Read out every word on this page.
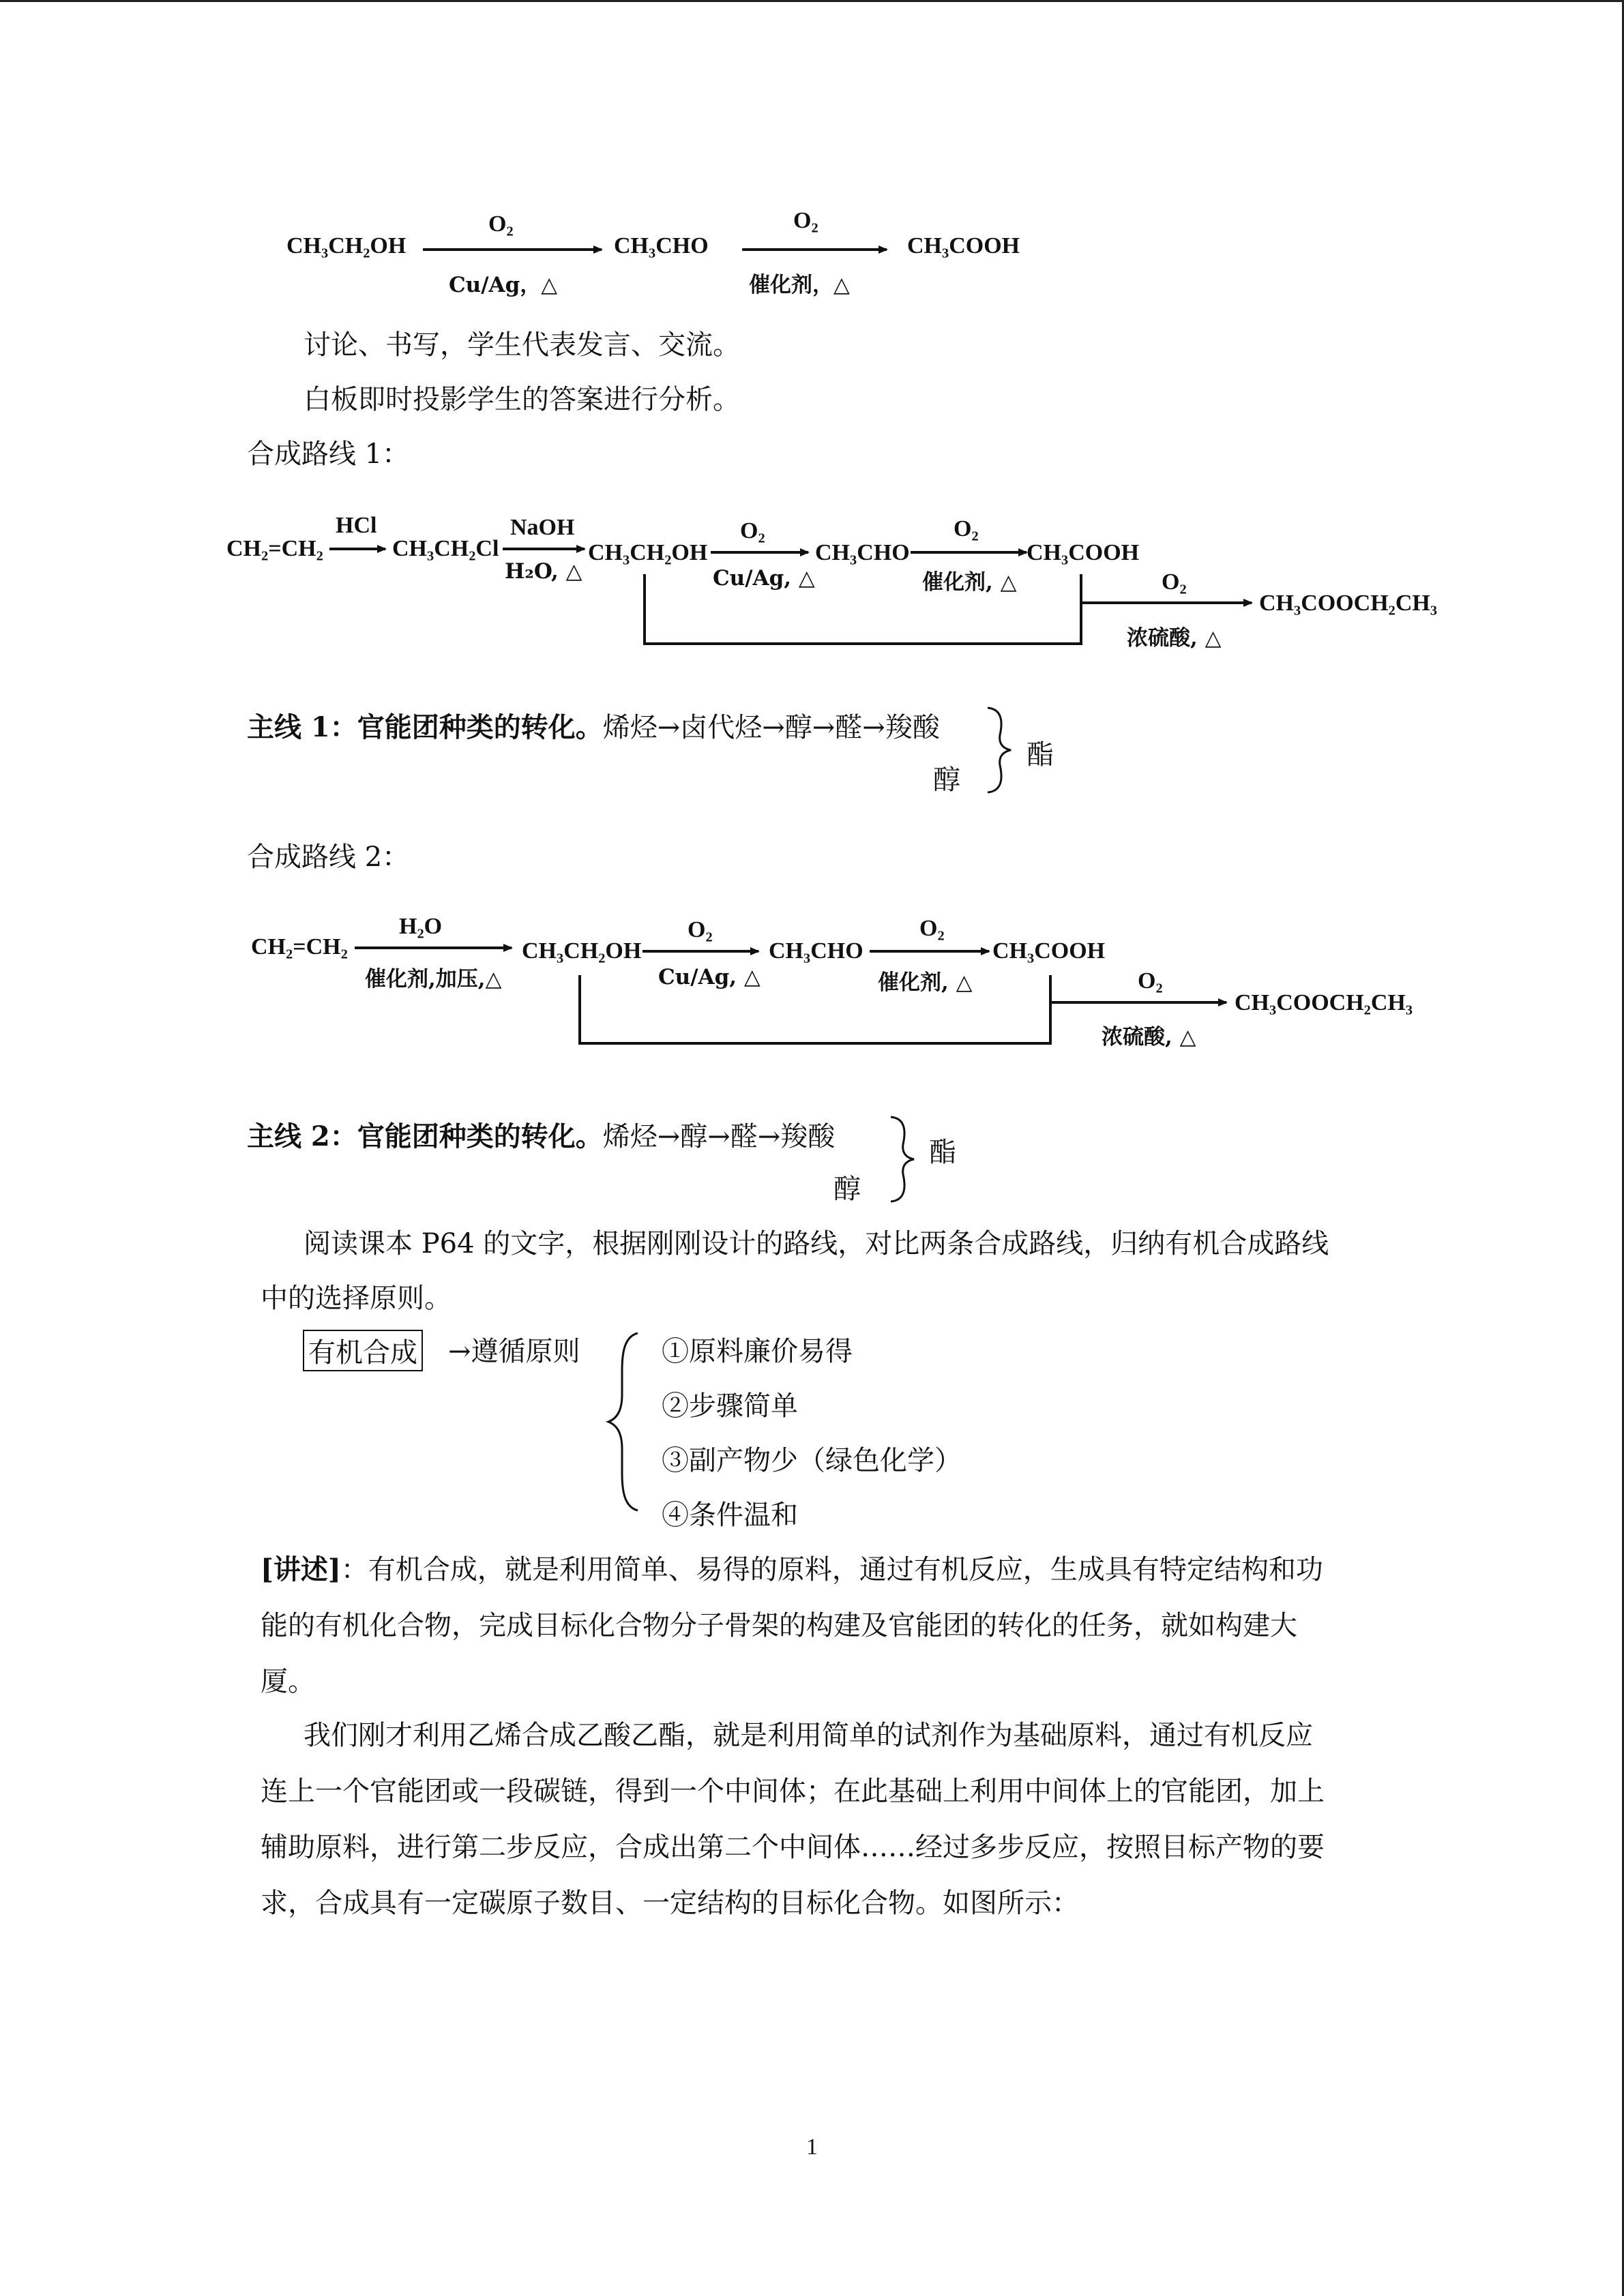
CH₃CH₂OH
O₂
Cu/Ag，△
CH₃CHO
O₂
催化剂，△
CH₃COOH
讨论、书写，学生代表发言、交流。
白板即时投影学生的答案进行分析。
合成路线 1：
CH₂=CH₂
HCl
CH₃CH₂Cl
NaOH
H₂O, △
CH₃CH₂OH
O₂
Cu/Ag, △
CH₃CHO
O₂
催化剂, △
CH₃COOH
O₂
浓硫酸, △
CH₃COOCH₂CH₃
主线 1：官能团种类的转化。烯烃→卤代烃→醇→醛→羧酸
醇
酯
合成路线 2：
CH₂=CH₂
H₂O
催化剂,加压,△
CH₃CH₂OH
O₂
Cu/Ag, △
CH₃CHO
O₂
催化剂, △
CH₃COOH
O₂
浓硫酸, △
CH₃COOCH₂CH₃
主线 2：官能团种类的转化。烯烃→醇→醛→羧酸
醇
酯
阅读课本 P64 的文字，根据刚刚设计的路线，对比两条合成路线，归纳有机合成路线
中的选择原则。
有机合成 →遵循原则	①原料廉价易得
②步骤简单
③副产物少（绿色化学）
④条件温和
[讲述]：有机合成，就是利用简单、易得的原料，通过有机反应，生成具有特定结构和功
能的有机化合物，完成目标化合物分子骨架的构建及官能团的转化的任务，就如构建大
厦。
我们刚才利用乙烯合成乙酸乙酯，就是利用简单的试剂作为基础原料，通过有机反应
连上一个官能团或一段碳链，得到一个中间体；在此基础上利用中间体上的官能团，加上
辅助原料，进行第二步反应，合成出第二个中间体……经过多步反应，按照目标产物的要
求，合成具有一定碳原子数目、一定结构的目标化合物。如图所示：
1
